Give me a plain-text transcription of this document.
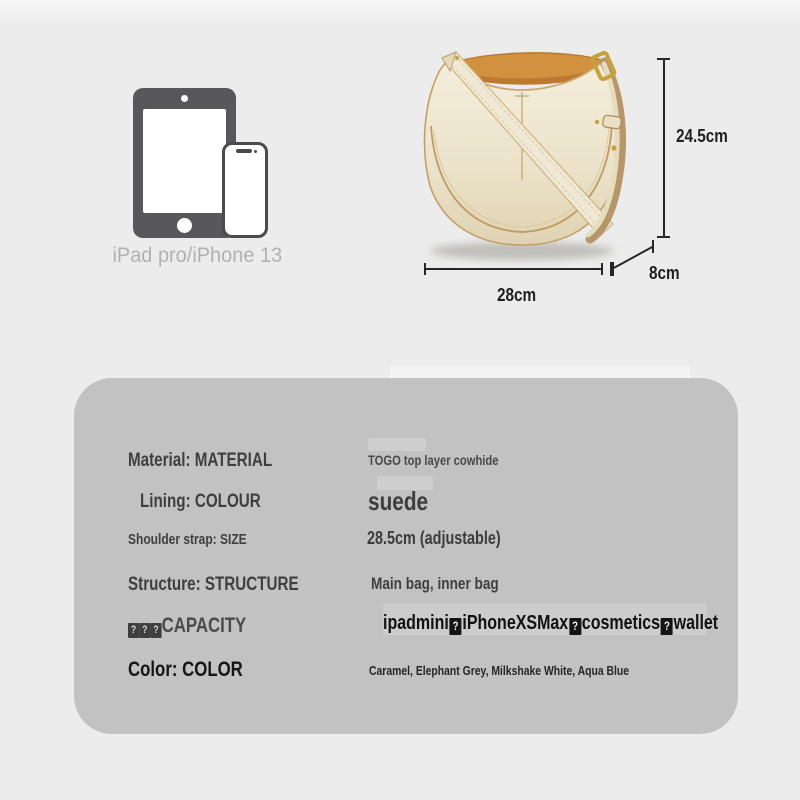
iPad pro/iPhone 13
24.5cm
28cm
8cm
Material: MATERIAL	TOGO top layer cowhide
Lining: COLOUR	suede
Shoulder strap: SIZE	28.5cm (adjustable)
Structure: STRUCTURE	Main bag, inner bag
? ? ? CAPACITY	ipadmini ? iPhoneXSMax ? cosmetics ? wallet
Color: COLOR	Caramel, Elephant Grey, Milkshake White, Aqua Blue
